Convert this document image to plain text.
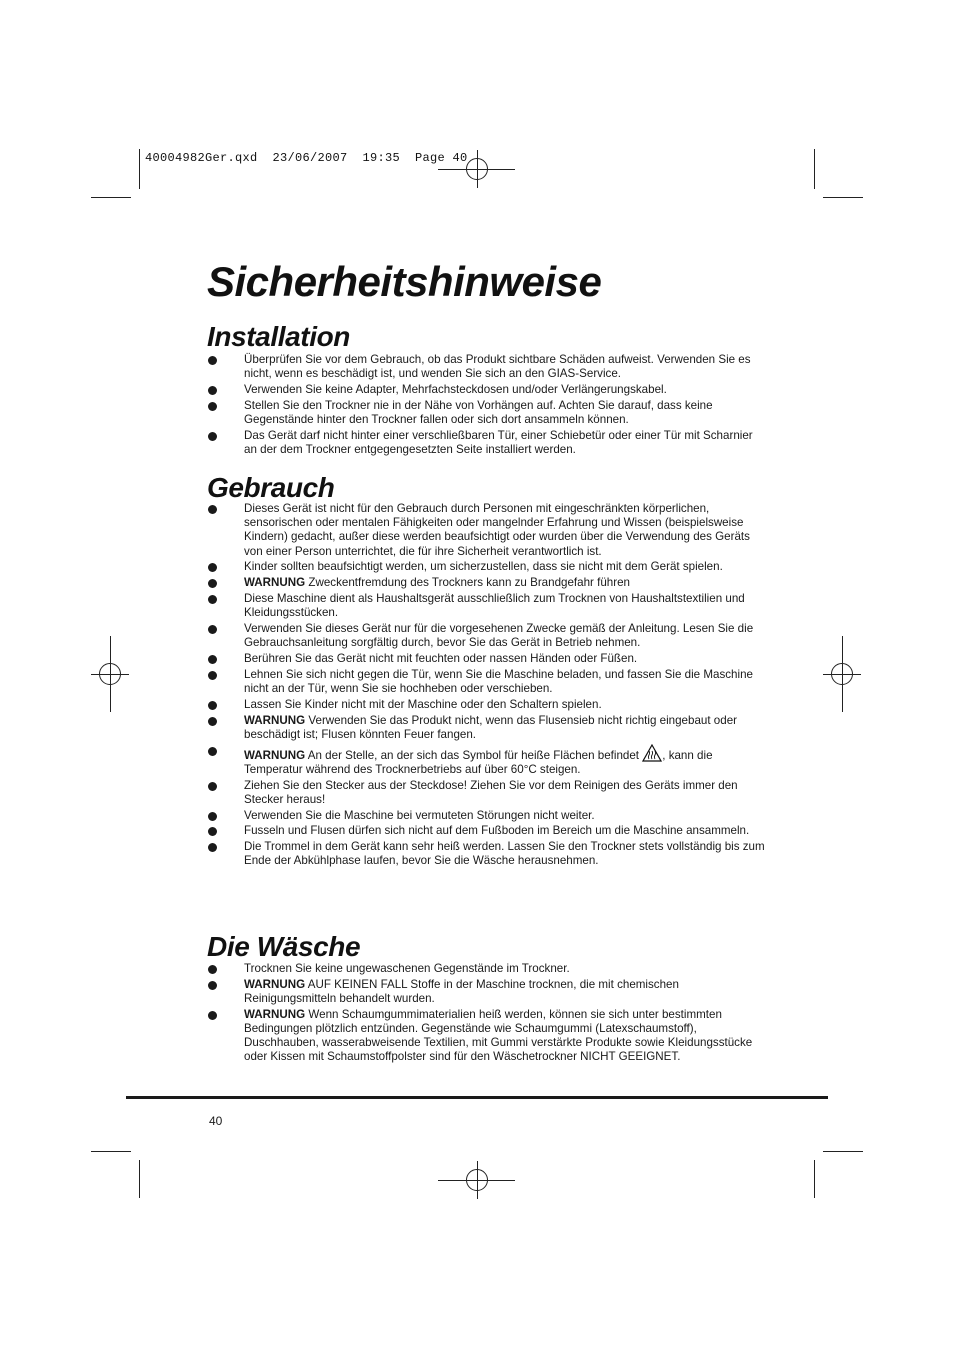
40004982Ger.qxd  23/06/2007  19:35  Page 40
Sicherheitshinweise
Installation
Überprüfen Sie vor dem Gebrauch, ob das Produkt sichtbare Schäden aufweist. Verwenden Sie es nicht, wenn es beschädigt ist, und wenden Sie sich an den GIAS-Service.
Verwenden Sie keine Adapter, Mehrfachsteckdosen und/oder Verlängerungskabel.
Stellen Sie den Trockner nie in der Nähe von Vorhängen auf. Achten Sie darauf, dass keine Gegenstände hinter den Trockner fallen oder sich dort ansammeln können.
Das Gerät darf nicht hinter einer verschließbaren Tür, einer Schiebetür oder einer Tür mit Scharnier an der dem Trockner entgegengesetzten Seite installiert werden.
Gebrauch
Dieses Gerät ist nicht für den Gebrauch durch Personen mit eingeschränkten körperlichen, sensorischen oder mentalen Fähigkeiten oder mangelnder Erfahrung und Wissen (beispielsweise Kindern) gedacht, außer diese werden beaufsichtigt oder wurden über die Verwendung des Geräts von einer Person unterrichtet, die für ihre Sicherheit verantwortlich ist.
Kinder sollten beaufsichtigt werden, um sicherzustellen, dass sie nicht mit dem Gerät spielen.
WARNUNG Zweckentfremdung des Trockners kann zu Brandgefahr führen
Diese Maschine dient als Haushaltsgerät ausschließlich zum Trocknen von Haushaltstextilien und Kleidungsstücken.
Verwenden Sie dieses Gerät nur für die vorgesehenen Zwecke gemäß der Anleitung. Lesen Sie die Gebrauchsanleitung sorgfältig durch, bevor Sie das Gerät in Betrieb nehmen.
Berühren Sie das Gerät nicht mit feuchten oder nassen Händen oder Füßen.
Lehnen Sie sich nicht gegen die Tür, wenn Sie die Maschine beladen, und fassen Sie die Maschine nicht an der Tür, wenn Sie sie hochheben oder verschieben.
Lassen Sie Kinder nicht mit der Maschine oder den Schaltern spielen.
WARNUNG Verwenden Sie das Produkt nicht, wenn das Flusensieb nicht richtig eingebaut oder beschädigt ist; Flusen könnten Feuer fangen.
WARNUNG An der Stelle, an der sich das Symbol für heiße Flächen befindet , kann die Temperatur während des Trocknerbetriebs auf über 60°C steigen.
Ziehen Sie den Stecker aus der Steckdose! Ziehen Sie vor dem Reinigen des Geräts immer den Stecker heraus!
Verwenden Sie die Maschine bei vermuteten Störungen nicht weiter.
Fusseln und Flusen dürfen sich nicht auf dem Fußboden im Bereich um die Maschine ansammeln.
Die Trommel in dem Gerät kann sehr heiß werden. Lassen Sie den Trockner stets vollständig bis zum Ende der Abkühlphase laufen, bevor Sie die Wäsche herausnehmen.
Die Wäsche
Trocknen Sie keine ungewaschenen Gegenstände im Trockner.
WARNUNG AUF KEINEN FALL Stoffe in der Maschine trocknen, die mit chemischen Reinigungsmitteln behandelt wurden.
WARNUNG Wenn Schaumgummimaterialien heiß werden, können sie sich unter bestimmten Bedingungen plötzlich entzünden. Gegenstände wie Schaumgummi (Latexschaumstoff), Duschhauben, wasserabweisende Textilien, mit Gummi verstärkte Produkte sowie Kleidungsstücke oder Kissen mit Schaumstoffpolster sind für den Wäschetrockner NICHT GEEIGNET.
40
